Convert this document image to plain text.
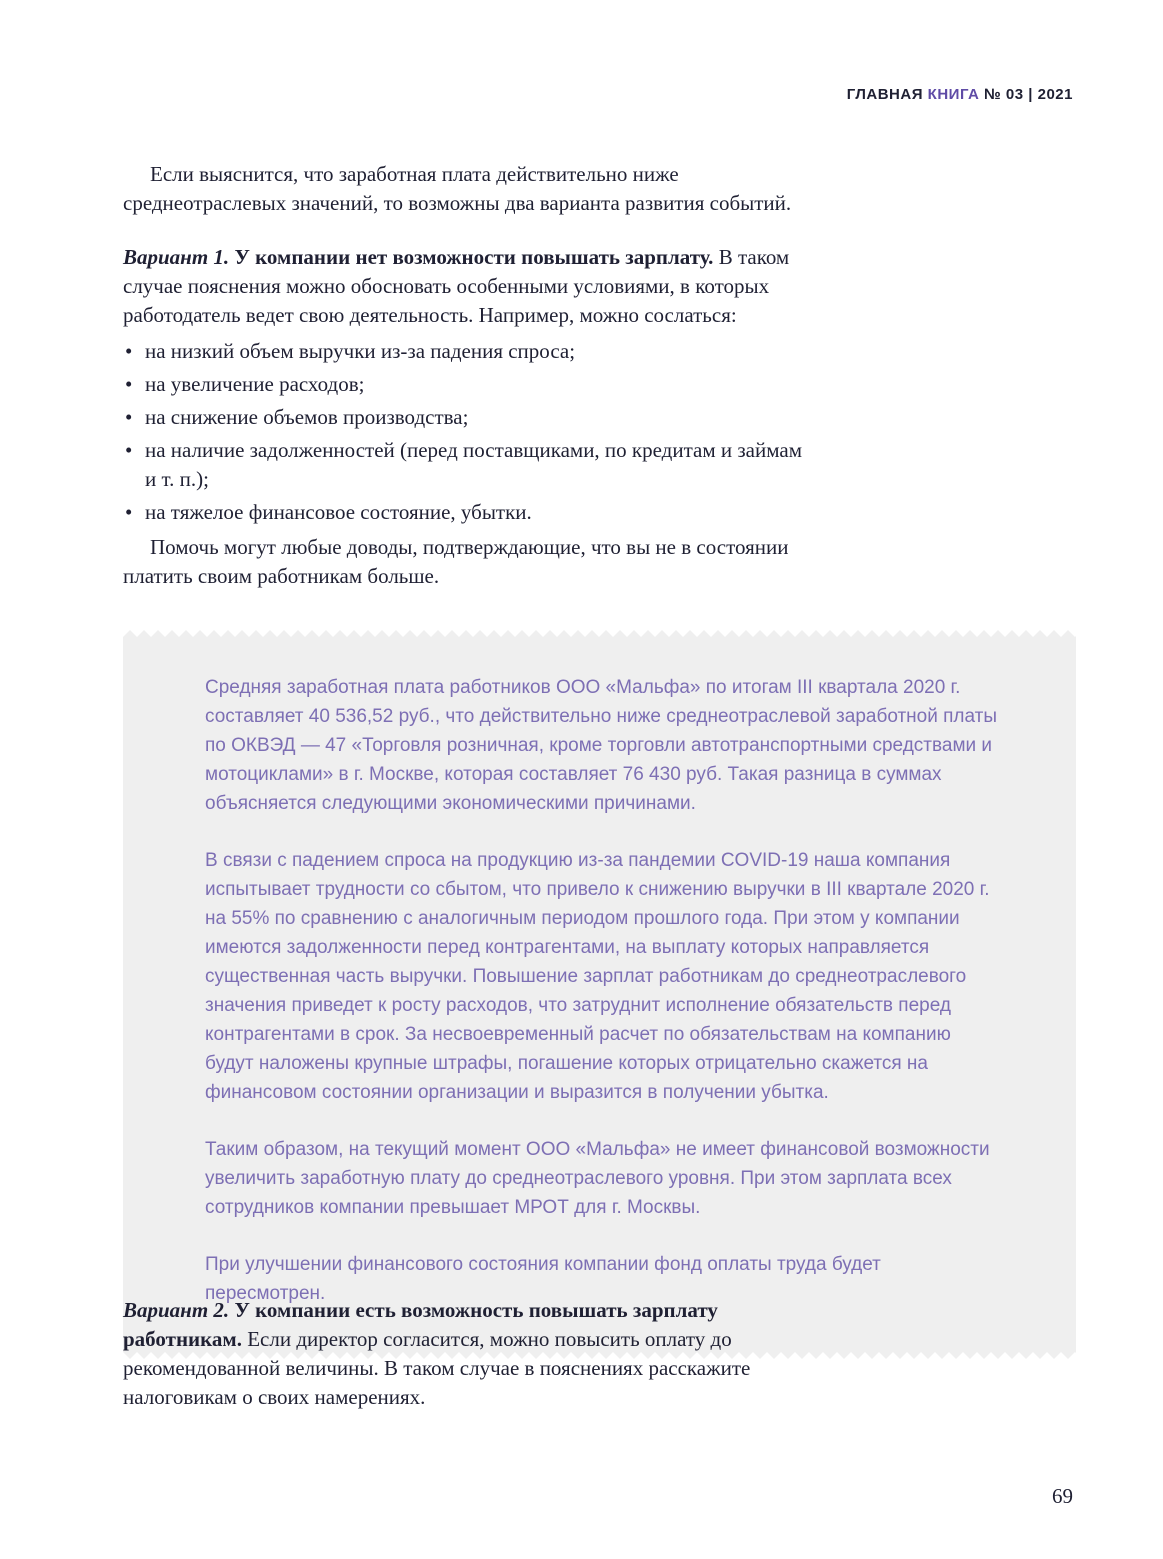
ГЛАВНАЯ КНИГА № 03 | 2021

Если выяснится, что заработная плата действительно ниже среднеотраслевых значений, то возможны два варианта развития событий.

Вариант 1. У компании нет возможности повышать зарплату. В таком случае пояснения можно обосновать особенными условиями, в которых работодатель ведет свою деятельность. Например, можно сослаться:

• на низкий объем выручки из-за падения спроса;
• на увеличение расходов;
• на снижение объемов производства;
• на наличие задолженностей (перед поставщиками, по кредитам и займам и т. п.);
• на тяжелое финансовое состояние, убытки.

Помочь могут любые доводы, подтверждающие, что вы не в состоянии платить своим работникам больше.

Средняя заработная плата работников ООО «Мальфа» по итогам III квартала 2020 г. составляет 40 536,52 руб., что действительно ниже среднеотраслевой заработной платы по ОКВЭД — 47 «Торговля розничная, кроме торговли автотранспортными средствами и мотоциклами» в г. Москве, которая составляет 76 430 руб. Такая разница в суммах объясняется следующими экономическими причинами.

В связи с падением спроса на продукцию из-за пандемии COVID-19 наша компания испытывает трудности со сбытом, что привело к снижению выручки в III квартале 2020 г. на 55% по сравнению с аналогичным периодом прошлого года. При этом у компании имеются задолженности перед контрагентами, на выплату которых направляется существенная часть выручки. Повышение зарплат работникам до среднеотраслевого значения приведет к росту расходов, что затруднит исполнение обязательств перед контрагентами в срок. За несвоевременный расчет по обязательствам на компанию будут наложены крупные штрафы, погашение которых отрицательно скажется на финансовом состоянии организации и выразится в получении убытка.

Таким образом, на текущий момент ООО «Мальфа» не имеет финансовой возможности увеличить заработную плату до среднеотраслевого уровня. При этом зарплата всех сотрудников компании превышает МРОТ для г. Москвы.

При улучшении финансового состояния компании фонд оплаты труда будет пересмотрен.

Вариант 2. У компании есть возможность повышать зарплату работникам. Если директор согласится, можно повысить оплату до рекомендованной величины. В таком случае в пояснениях расскажите налоговикам о своих намерениях.

69
